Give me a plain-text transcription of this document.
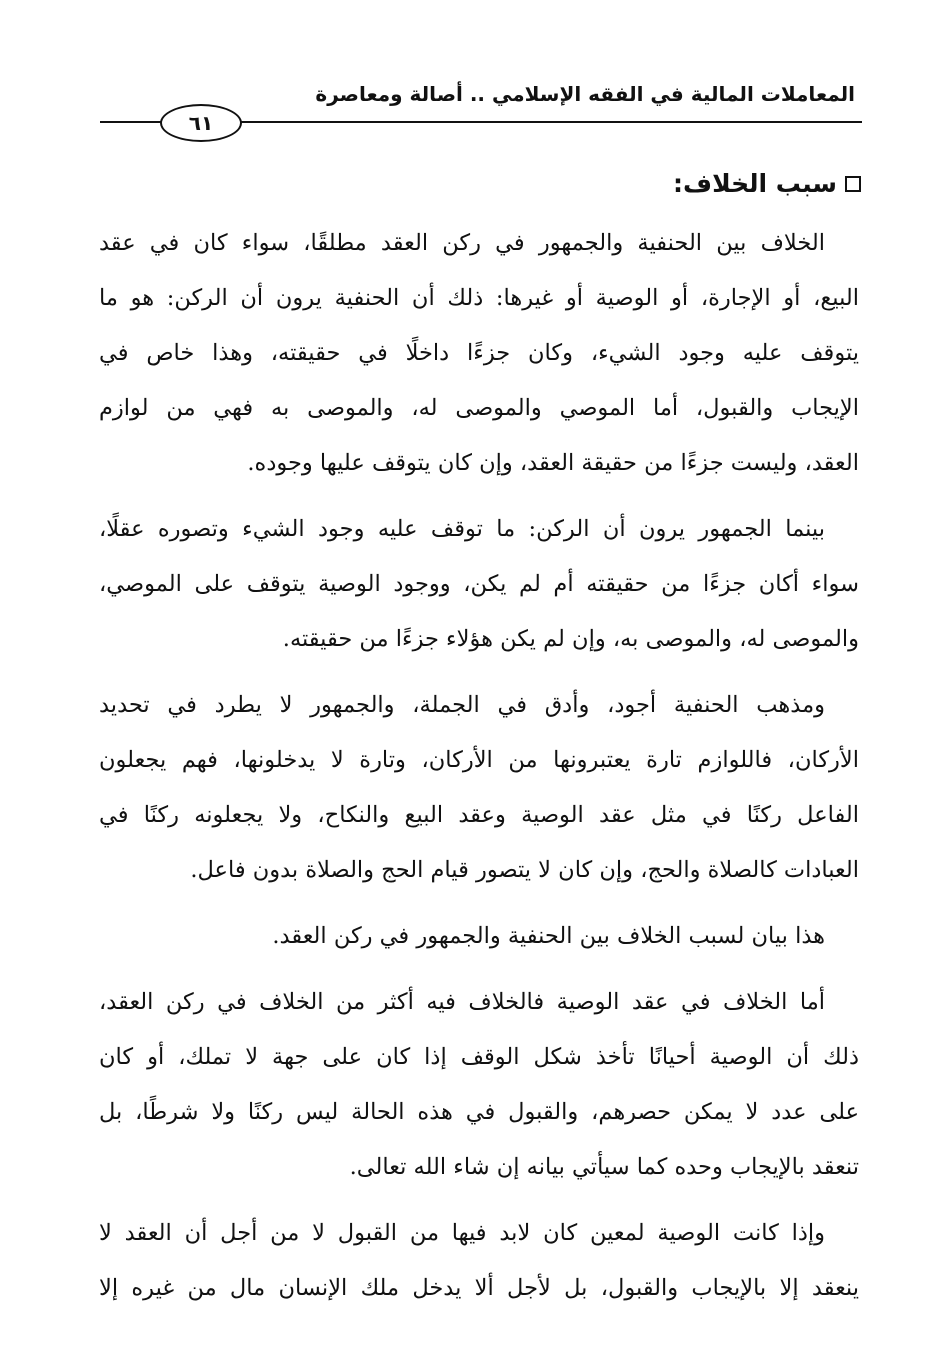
المعاملات المالية في الفقه الإسلامي .. أصالة ومعاصرة
٦١
سبب الخلاف:
الخلاف بين الحنفية والجمهور في ركن العقد مطلقًا، سواء كان في عقد
البيع، أو الإجارة، أو الوصية أو غيرها: ذلك أن الحنفية يرون أن الركن: هو ما
يتوقف عليه وجود الشيء، وكان جزءًا داخلًا في حقيقته، وهذا خاص في
الإيجاب والقبول، أما الموصي والموصى له، والموصى به فهي من لوازم
العقد، وليست جزءًا من حقيقة العقد، وإن كان يتوقف عليها وجوده.
بينما الجمهور يرون أن الركن: ما توقف عليه وجود الشيء وتصوره عقلًا،
سواء أكان جزءًا من حقيقته أم لم يكن، ووجود الوصية يتوقف على الموصي،
والموصى له، والموصى به، وإن لم يكن هؤلاء جزءًا من حقيقته.
ومذهب الحنفية أجود، وأدق في الجملة، والجمهور لا يطرد في تحديد
الأركان، فاللوازم تارة يعتبرونها من الأركان، وتارة لا يدخلونها، فهم يجعلون
الفاعل ركنًا في مثل عقد الوصية وعقد البيع والنكاح، ولا يجعلونه ركنًا في
العبادات كالصلاة والحج، وإن كان لا يتصور قيام الحج والصلاة بدون فاعل.
هذا بيان لسبب الخلاف بين الحنفية والجمهور في ركن العقد.
أما الخلاف في عقد الوصية فالخلاف فيه أكثر من الخلاف في ركن العقد،
ذلك أن الوصية أحيانًا تأخذ شكل الوقف إذا كان على جهة لا تملك، أو كان
على عدد لا يمكن حصرهم، والقبول في هذه الحالة ليس ركنًا ولا شرطًا، بل
تنعقد بالإيجاب وحده كما سيأتي بيانه إن شاء الله تعالى.
وإذا كانت الوصية لمعين كان لابد فيها من القبول لا من أجل أن العقد لا
ينعقد إلا بالإيجاب والقبول، بل لأجل ألا يدخل ملك الإنسان مال من غيره إلا
